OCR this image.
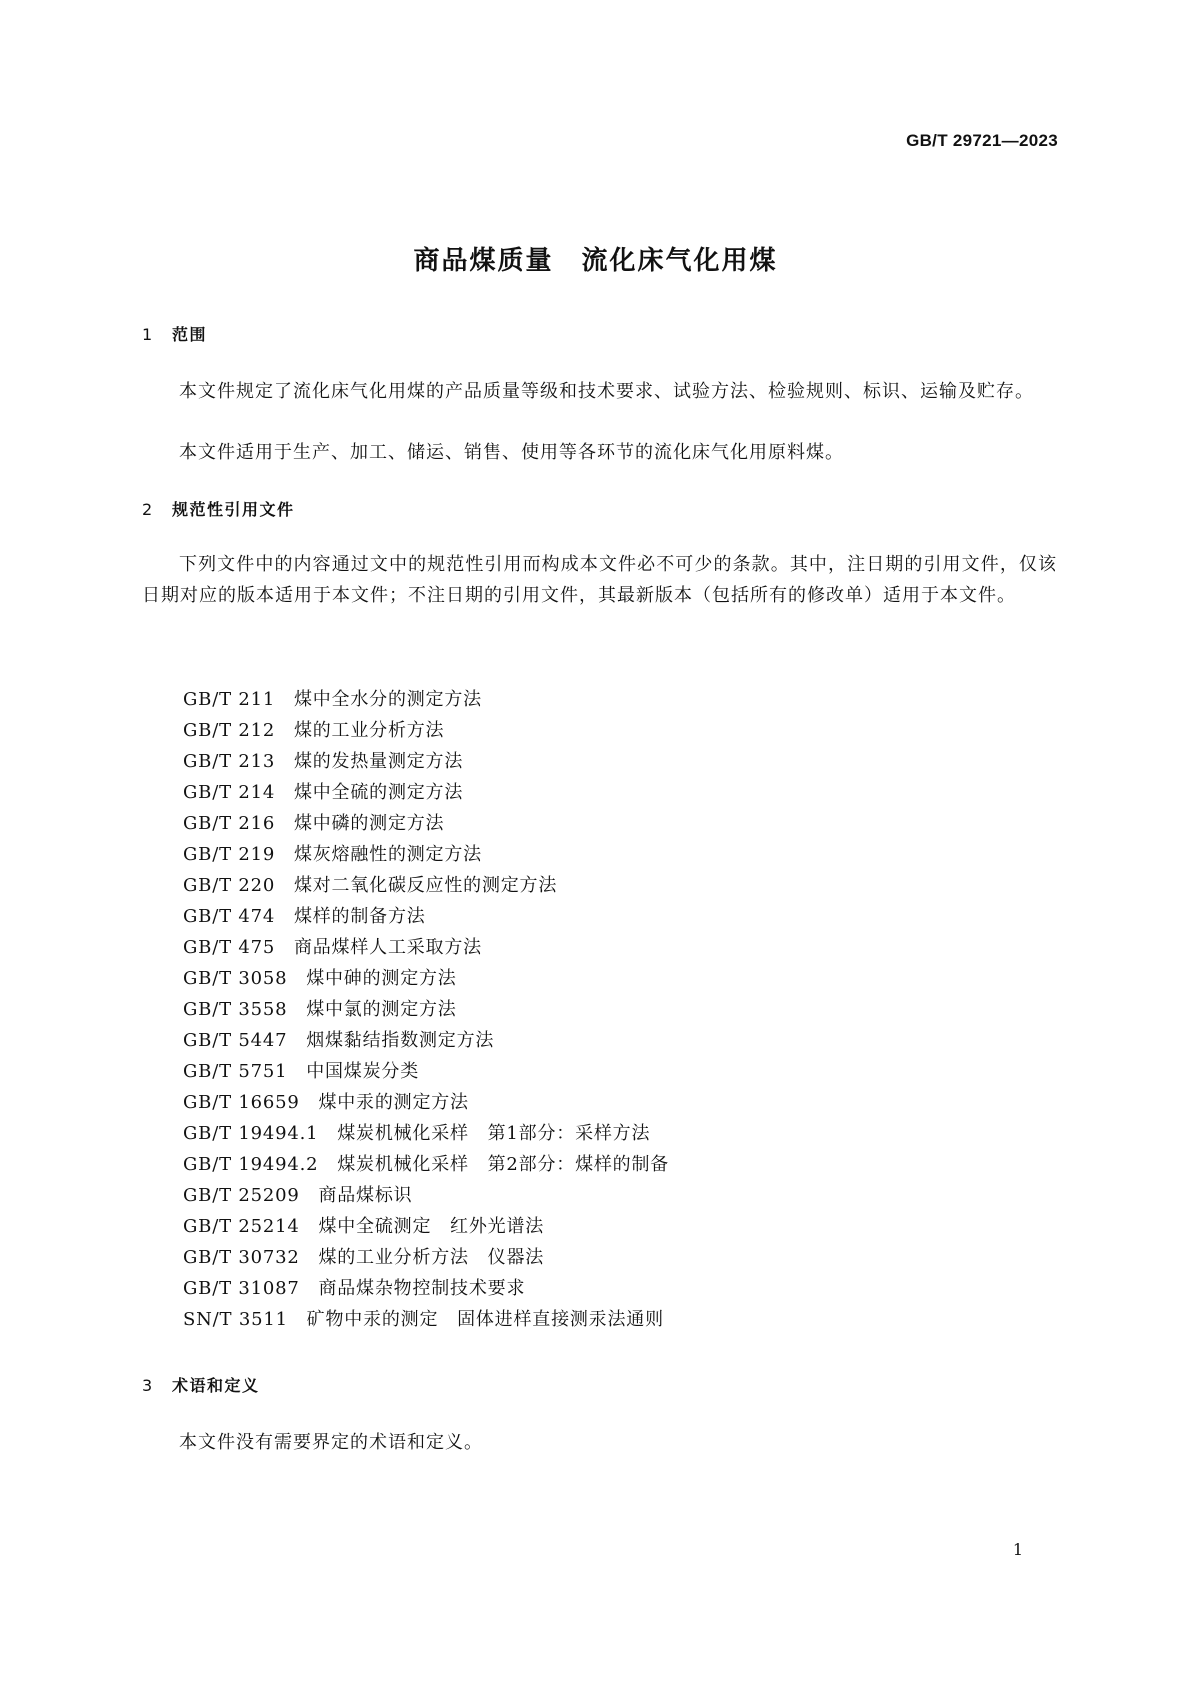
GB/T 29721—2023
商品煤质量　流化床气化用煤
1 范围
本文件规定了流化床气化用煤的产品质量等级和技术要求、试验方法、检验规则、标识、运输及贮存。
本文件适用于生产、加工、储运、销售、使用等各环节的流化床气化用原料煤。
2 规范性引用文件
下列文件中的内容通过文中的规范性引用而构成本文件必不可少的条款。其中，注日期的引用文件，仅该日期对应的版本适用于本文件；不注日期的引用文件，其最新版本（包括所有的修改单）适用于本文件。
GB/T 211　煤中全水分的测定方法
GB/T 212　煤的工业分析方法
GB/T 213　煤的发热量测定方法
GB/T 214　煤中全硫的测定方法
GB/T 216　煤中磷的测定方法
GB/T 219　煤灰熔融性的测定方法
GB/T 220　煤对二氧化碳反应性的测定方法
GB/T 474　煤样的制备方法
GB/T 475　商品煤样人工采取方法
GB/T 3058　煤中砷的测定方法
GB/T 3558　煤中氯的测定方法
GB/T 5447　烟煤黏结指数测定方法
GB/T 5751　中国煤炭分类
GB/T 16659　煤中汞的测定方法
GB/T 19494.1　煤炭机械化采样　第1部分：采样方法
GB/T 19494.2　煤炭机械化采样　第2部分：煤样的制备
GB/T 25209　商品煤标识
GB/T 25214　煤中全硫测定　红外光谱法
GB/T 30732　煤的工业分析方法　仪器法
GB/T 31087　商品煤杂物控制技术要求
SN/T 3511　矿物中汞的测定　固体进样直接测汞法通则
3 术语和定义
本文件没有需要界定的术语和定义。
1
